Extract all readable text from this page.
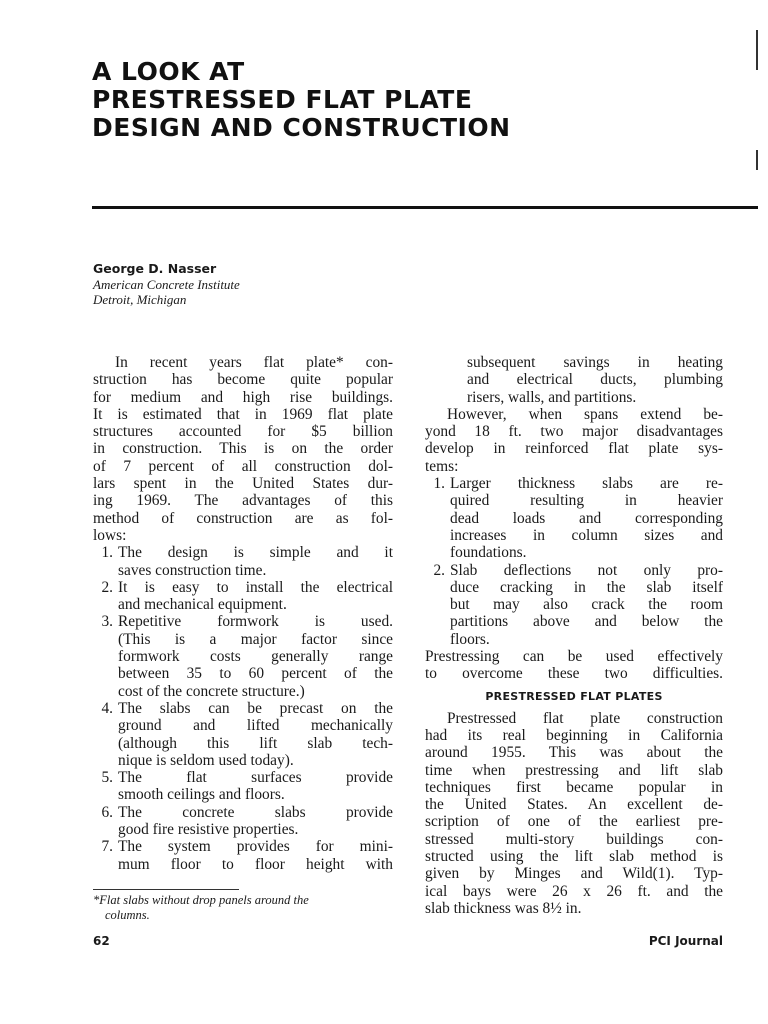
A LOOK AT
PRESTRESSED FLAT PLATE
DESIGN AND CONSTRUCTION
George D. Nasser
American Concrete Institute
Detroit, Michigan
In recent years flat plate* con-
struction has become quite popular
for medium and high rise buildings.
It is estimated that in 1969 flat plate
structures accounted for $5 billion
in construction. This is on the order
of 7 percent of all construction dol-
lars spent in the United States dur-
ing 1969. The advantages of this
method of construction are as fol-
lows:
1. The design is simple and it
saves construction time.
2. It is easy to install the electrical
and mechanical equipment.
3. Repetitive formwork is used.
(This is a major factor since
formwork costs generally range
between 35 to 60 percent of the
cost of the concrete structure.)
4. The slabs can be precast on the
ground and lifted mechanically
(although this lift slab tech-
nique is seldom used today).
5. The flat surfaces provide
smooth ceilings and floors.
6. The concrete slabs provide
good fire resistive properties.
7. The system provides for mini-
mum floor to floor height with
subsequent savings in heating
and electrical ducts, plumbing
risers, walls, and partitions.
However, when spans extend be-
yond 18 ft. two major disadvantages
develop in reinforced flat plate sys-
tems:
1. Larger thickness slabs are re-
quired resulting in heavier
dead loads and corresponding
increases in column sizes and
foundations.
2. Slab deflections not only pro-
duce cracking in the slab itself
but may also crack the room
partitions above and below the
floors.
Prestressing can be used effectively
to overcome these two difficulties.
PRESTRESSED FLAT PLATES
Prestressed flat plate construction
had its real beginning in California
around 1955. This was about the
time when prestressing and lift slab
techniques first became popular in
the United States. An excellent de-
scription of one of the earliest pre-
stressed multi-story buildings con-
structed using the lift slab method is
given by Minges and Wild(1). Typ-
ical bays were 26 x 26 ft. and the
slab thickness was 8½ in.
*Flat slabs without drop panels around the
columns.
62	PCI Journal
